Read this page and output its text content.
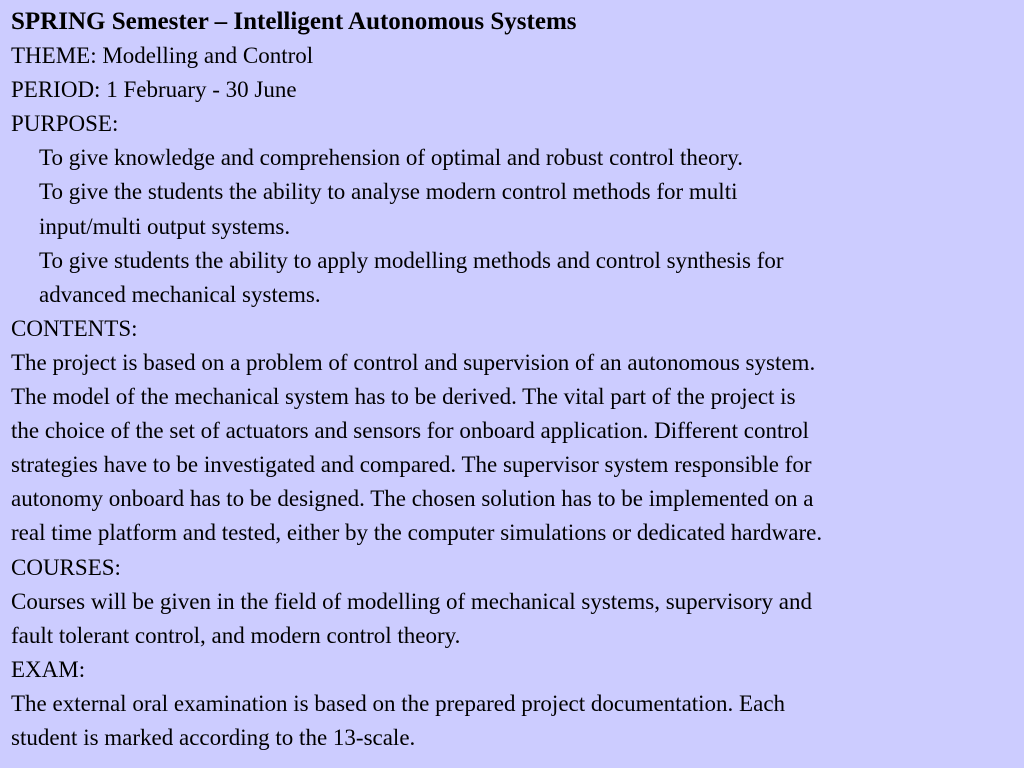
SPRING Semester – Intelligent Autonomous Systems
THEME: Modelling and Control
PERIOD: 1 February - 30 June
PURPOSE:
To give knowledge and comprehension of optimal and robust control theory.
To give the students the ability to analyse modern control methods for multi
input/multi output systems.
To give students the ability to apply modelling methods and control synthesis for
advanced mechanical systems.
CONTENTS:
The project is based on a problem of control and supervision of an autonomous system.
The model of the mechanical system has to be derived. The vital part of the project is
the choice of the set of actuators and sensors for onboard application. Different control
strategies have to be investigated and compared. The supervisor system responsible for
autonomy onboard has to be designed. The chosen solution has to be implemented on a
real time platform and tested, either by the computer simulations or dedicated hardware.
COURSES:
Courses will be given in the field of modelling of mechanical systems, supervisory and
fault tolerant control, and modern control theory.
EXAM:
The external oral examination is based on the prepared project documentation. Each
student is marked according to the 13-scale.
